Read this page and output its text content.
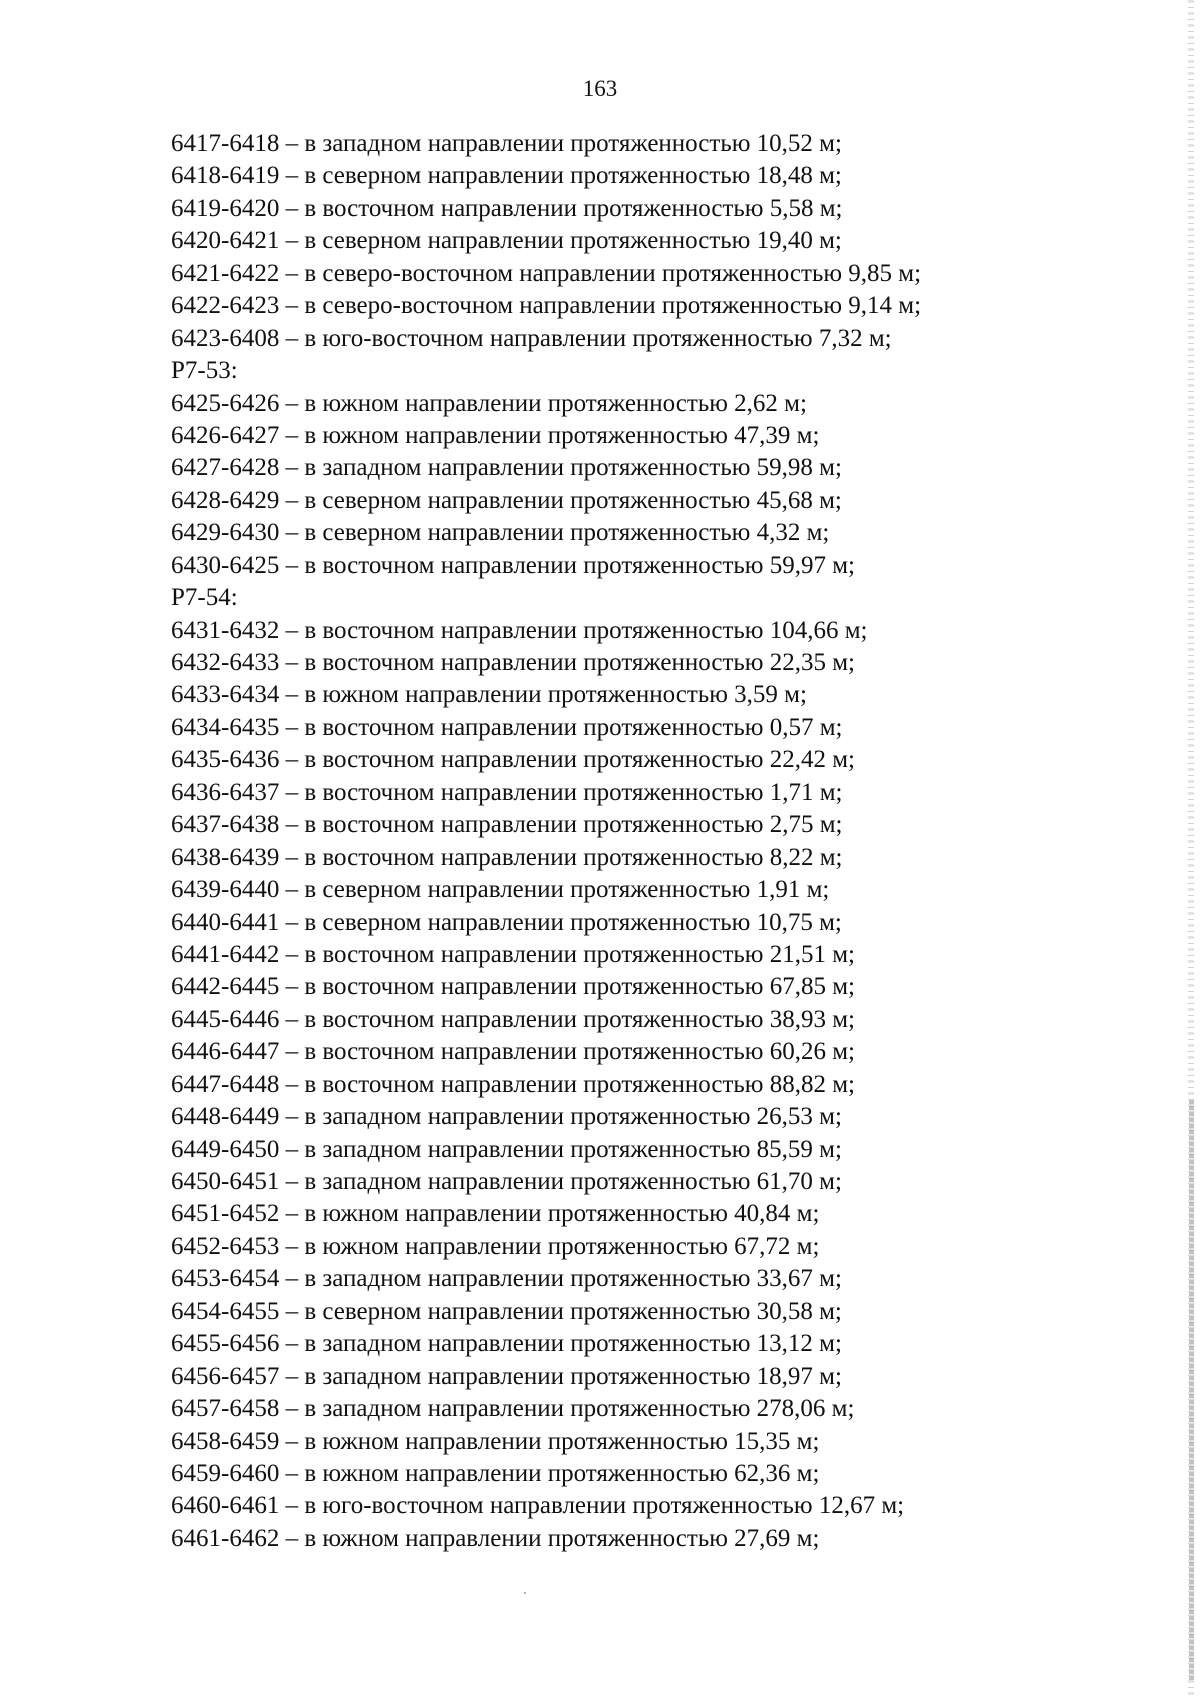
163
6417-6418 – в западном направлении протяженностью 10,52 м;
6418-6419 – в северном направлении протяженностью 18,48 м;
6419-6420 – в восточном направлении протяженностью 5,58 м;
6420-6421 – в северном направлении протяженностью 19,40 м;
6421-6422 – в северо-восточном направлении протяженностью 9,85 м;
6422-6423 – в северо-восточном направлении протяженностью 9,14 м;
6423-6408 – в юго-восточном направлении протяженностью 7,32 м;
Р7-53:
6425-6426 – в южном направлении протяженностью 2,62 м;
6426-6427 – в южном направлении протяженностью 47,39 м;
6427-6428 – в западном направлении протяженностью 59,98 м;
6428-6429 – в северном направлении протяженностью 45,68 м;
6429-6430 – в северном направлении протяженностью 4,32 м;
6430-6425 – в восточном направлении протяженностью 59,97 м;
Р7-54:
6431-6432 – в восточном направлении протяженностью 104,66 м;
6432-6433 – в восточном направлении протяженностью 22,35 м;
6433-6434 – в южном направлении протяженностью 3,59 м;
6434-6435 – в восточном направлении протяженностью 0,57 м;
6435-6436 – в восточном направлении протяженностью 22,42 м;
6436-6437 – в восточном направлении протяженностью 1,71 м;
6437-6438 – в восточном направлении протяженностью 2,75 м;
6438-6439 – в восточном направлении протяженностью 8,22 м;
6439-6440 – в северном направлении протяженностью 1,91 м;
6440-6441 – в северном направлении протяженностью 10,75 м;
6441-6442 – в восточном направлении протяженностью 21,51 м;
6442-6445 – в восточном направлении протяженностью 67,85 м;
6445-6446 – в восточном направлении протяженностью 38,93 м;
6446-6447 – в восточном направлении протяженностью 60,26 м;
6447-6448 – в восточном направлении протяженностью 88,82 м;
6448-6449 – в западном направлении протяженностью 26,53 м;
6449-6450 – в западном направлении протяженностью 85,59 м;
6450-6451 – в западном направлении протяженностью 61,70 м;
6451-6452 – в южном направлении протяженностью 40,84 м;
6452-6453 – в южном направлении протяженностью 67,72 м;
6453-6454 – в западном направлении протяженностью 33,67 м;
6454-6455 – в северном направлении протяженностью 30,58 м;
6455-6456 – в западном направлении протяженностью 13,12 м;
6456-6457 – в западном направлении протяженностью 18,97 м;
6457-6458 – в западном направлении протяженностью 278,06 м;
6458-6459 – в южном направлении протяженностью 15,35 м;
6459-6460 – в южном направлении протяженностью 62,36 м;
6460-6461 – в юго-восточном направлении протяженностью 12,67 м;
6461-6462 – в южном направлении протяженностью 27,69 м;
